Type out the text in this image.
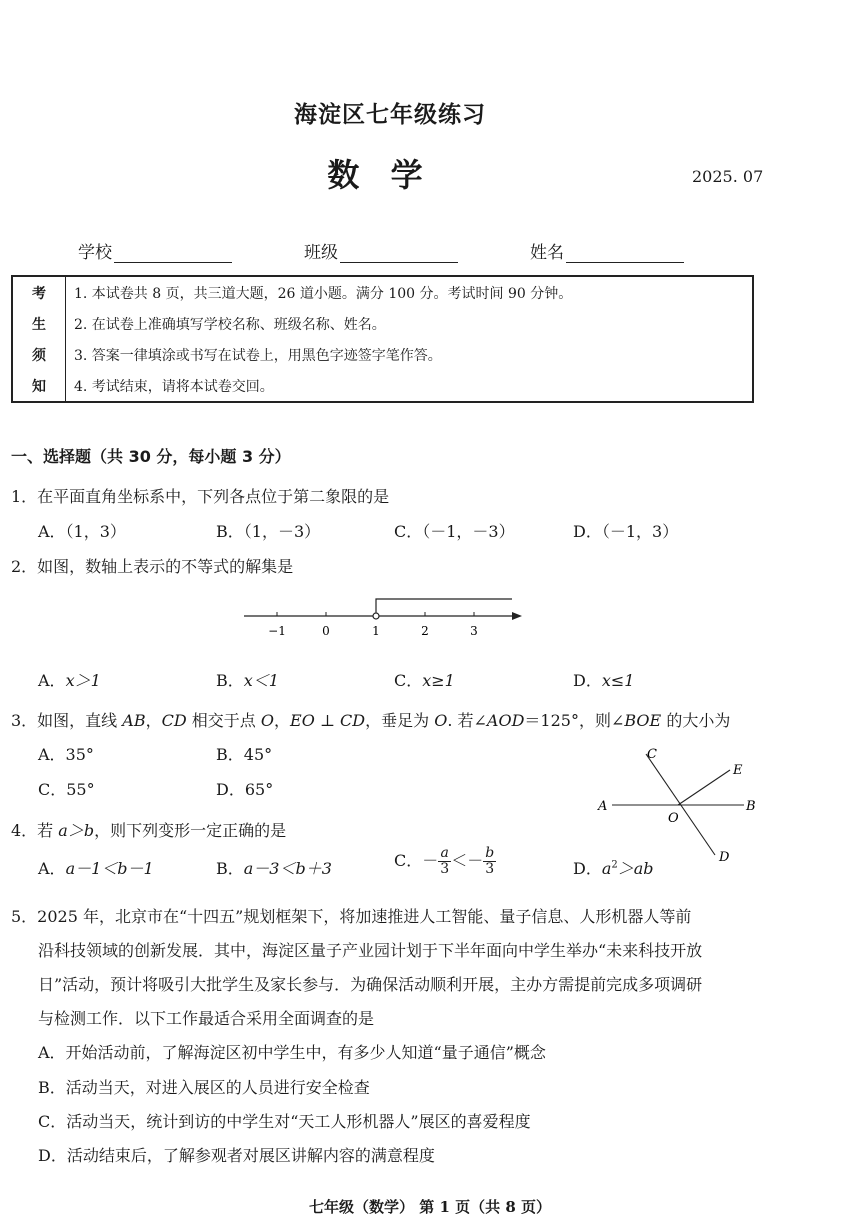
海淀区七年级练习
数 学	2025. 07
学校	班级	姓名
考	1. 本试卷共 8 页，共三道大题，26 道小题。满分 100 分。考试时间 90 分钟。
生	2. 在试卷上准确填写学校名称、班级名称、姓名。
须	3. 答案一律填涂或书写在试卷上，用黑色字迹签字笔作答。
知	4. 考试结束，请将本试卷交回。
一、选择题（共 30 分，每小题 3 分）
1．在平面直角坐标系中，下列各点位于第二象限的是
A．（1，3）	B．（1，－3）	C．（－1，－3）	D．（－1，3）
2．如图，数轴上表示的不等式的解集是
−1	0	1	2	3
A．x＞1	B．x＜1	C．x≥1	D．x≤1
3．如图，直线 AB，CD 相交于点 O，EO ⊥ CD，垂足为 O. 若∠AOD＝125°，则∠BOE 的大小为
A．35°	B．45°
C．55°	D．65°
A	B
C
D
E
O
4．若 a＞b，则下列变形一定正确的是
A．a－1＜b－1	B．a－3＜b＋3	C．－ $\frac{a}{3} <- \frac{b}{3}$	D．$a^2>ab$
5．2025 年，北京市在“十四五”规划框架下，将加速推进人工智能、量子信息、人形机器人等前
沿科技领域的创新发展．其中，海淀区量子产业园计划于下半年面向中学生举办“未来科技开放
日”活动，预计将吸引大批学生及家长参与．为确保活动顺利开展，主办方需提前完成多项调研
与检测工作．以下工作最适合采用全面调查的是
A．开始活动前，了解海淀区初中学生中，有多少人知道“量子通信”概念
B．活动当天，对进入展区的人员进行安全检查
C．活动当天，统计到访的中学生对“天工人形机器人”展区的喜爱程度
D．活动结束后，了解参观者对展区讲解内容的满意程度
七年级（数学） 第 1 页（共 8 页）
